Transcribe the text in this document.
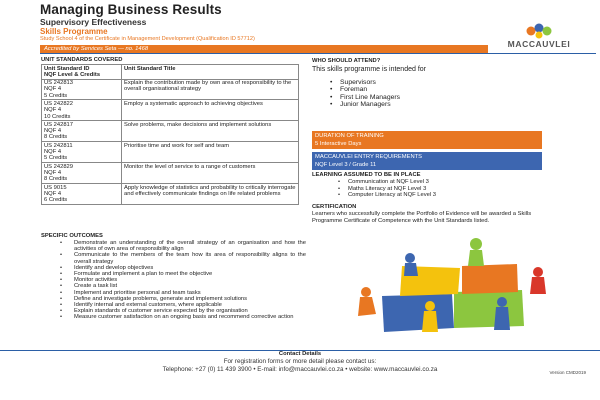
Managing Business Results
Supervisory Effectiveness
Skills Programme
Study School 4 of the Certificate in Management Development (Qualification ID 57712)	MACCAUVLEI
Accredited by Services Seta — no. 1468
UNIT STANDARDS COVERED
Unit Standard ID
NQF Level & Credits	Unit Standard Title

US 242813
NQF 4
5 Credits	Explain the contribution made by own area of responsibility to the overall organisational strategy

US 242822
NQF 4
10 Credits	Employ a systematic approach to achieving objectives

US 242817
NQF 4
8 Credits	Solve problems, make decisions and implement solutions

US 242811
NQF 4
5 Credits	Prioritise time and work for self and team

US 242829
NQF 4
8 Credits	Monitor the level of service to a range of customers

US 9015
NQF 4
6 Credits	Apply knowledge of statistics and probability to critically interrogate and effectively communicate findings on life related problems
SPECIFIC OUTCOMES
• Demonstrate an understanding of the overall strategy of an organisation and how the activities of own area of responsibility align
• Communicate to the members of the team how its area of responsibility aligns to the overall strategy
• Identify and develop objectives
• Formulate and implement a plan to meet the objective
• Monitor activities
• Create a task list
• Implement and prioritise personal and team tasks
• Define and investigate problems, generate and implement solutions
• Identify internal and external customers, where applicable
• Explain standards of customer service expected by the organisation
• Measure customer satisfaction on an ongoing basis and recommend corrective action
WHO SHOULD ATTEND?
This skills programme is intended for
• Supervisors
• Foreman
• First Line Managers
• Junior Managers
DURATION OF TRAINING
5 Interactive Days
MACCAUVLEI ENTRY REQUIREMENTS
NQF Level 3 / Grade 11
LEARNING ASSUMED TO BE IN PLACE
• Communication at NQF Level 3
• Maths Literacy at NQF Level 3
• Computer Literacy at NQF Level 3
CERTIFICATION
Learners who successfully complete the Portfolio of Evidence will be awarded a Skills Programme Certificate of Competence with the Unit Standards listed.
Contact Details
For registration forms or more detail please contact us:
Telephone: +27 (0) 11 439 3900 • E-mail: info@maccauvlei.co.za • website: www.maccauvlei.co.za	Version CMD2019
